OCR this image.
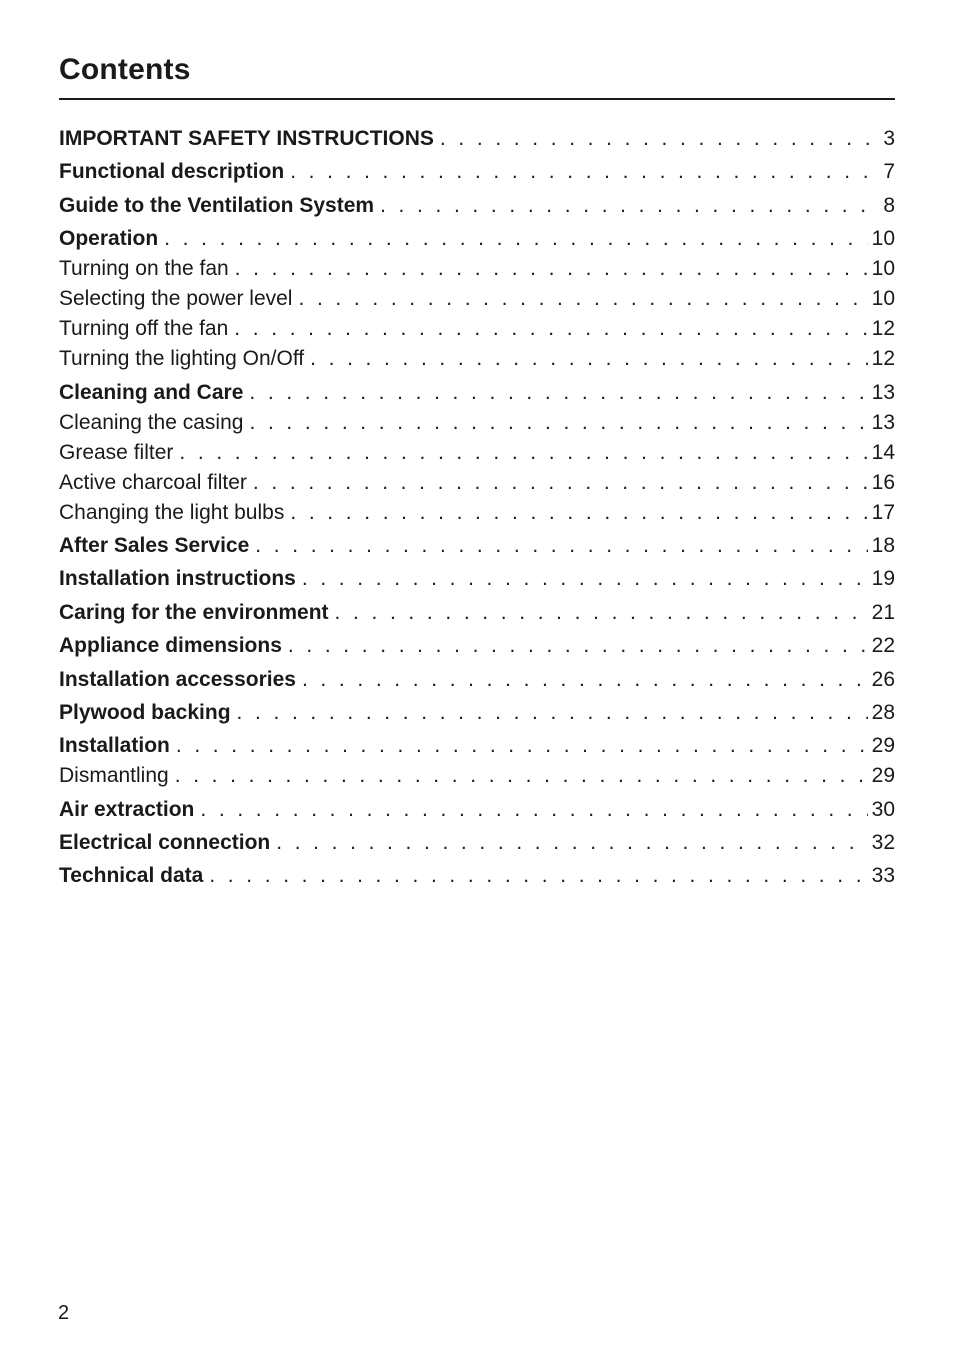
Contents
IMPORTANT SAFETY INSTRUCTIONS . . .	3
Functional description . . .	7
Guide to the Ventilation System . . .	8
Operation . . .	10
Turning on the fan . . .	10
Selecting the power level . . .	10
Turning off the fan . . .	12
Turning the lighting On/Off . . .	12
Cleaning and Care . . .	13
Cleaning the casing . . .	13
Grease filter . . .	14
Active charcoal filter . . .	16
Changing the light bulbs . . .	17
After Sales Service . . .	18
Installation instructions . . .	19
Caring for the environment . . .	21
Appliance dimensions . . .	22
Installation accessories . . .	26
Plywood backing . . .	28
Installation . . .	29
Dismantling . . .	29
Air extraction . . .	30
Electrical connection . . .	32
Technical data . . .	33
2
